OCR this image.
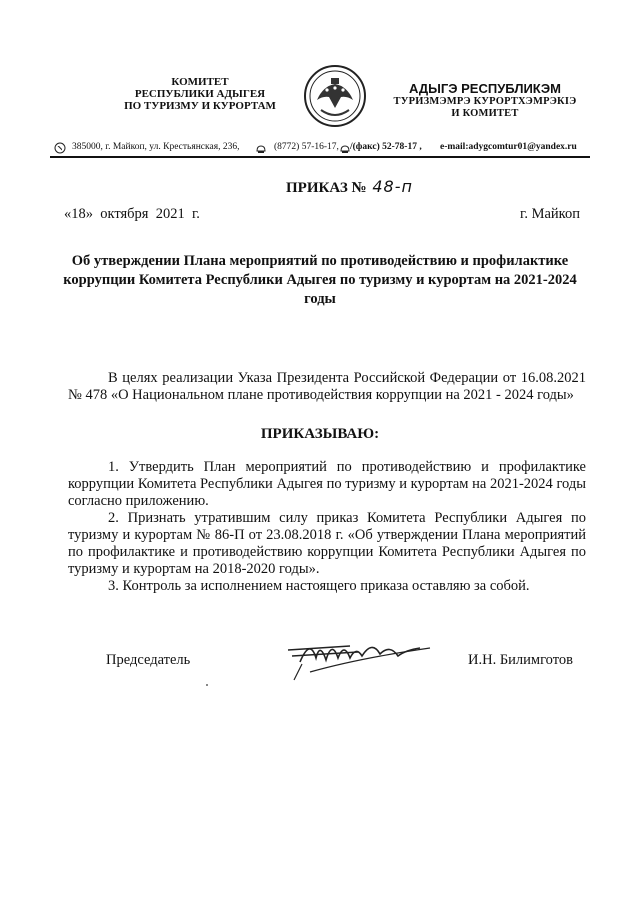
КОМИТЕТ
РЕСПУБЛИКИ АДЫГЕЯ
ПО ТУРИЗМУ И КУРОРТАМ
АДЫГЭ РЕСПУБЛИКЭМ
ТУРИЗМЭМРЭ КУРОРТХЭМРЭКIЭ
И КОМИТЕТ
385000, г. Майкоп, ул. Крестьянская, 236,	(8772) 57-16-17, /(факс) 52-78-17 , e-mail:adygcomtur01@yandex.ru
ПРИКАЗ № 48-п
«18»  октября  2021  г.	г. Майкоп
Об утверждении Плана мероприятий по противодействию и профилактике коррупции Комитета Республики Адыгея по туризму и курортам на 2021-2024 годы
В целях реализации Указа Президента Российской Федерации от 16.08.2021 № 478 «О Национальном плане противодействия коррупции на 2021 - 2024 годы»
ПРИКАЗЫВАЮ:

1. Утвердить План мероприятий по противодействию и профилактике коррупции Комитета Республики Адыгея по туризму и курортам на 2021-2024 годы согласно приложению.

2. Признать утратившим силу приказ Комитета Республики Адыгея по туризму и курортам № 86-П от 23.08.2018 г. «Об утверждении Плана мероприятий по профилактике и противодействию коррупции Комитета Республики Адыгея по туризму и курортам на 2018-2020 годы».

3. Контроль за исполнением настоящего приказа оставляю за собой.

Председатель	И.Н. Билимготов
